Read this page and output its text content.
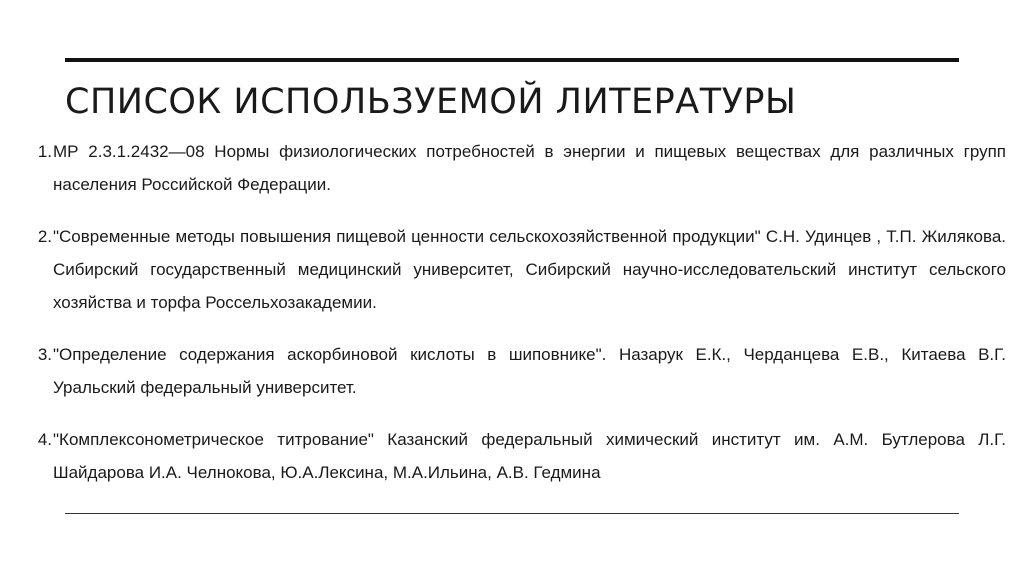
СПИСОК ИСПОЛЬЗУЕМОЙ ЛИТЕРАТУРЫ
1. МР 2.3.1.2432—08 Нормы физиологических потребностей в энергии и пищевых веществах для различных групп населения Российской Федерации.
2. "Современные методы повышения пищевой ценности сельскохозяйственной продукции" С.Н. Удинцев , Т.П. Жилякова. Сибирский государственный медицинский университет, Сибирский научно-исследовательский институт сельского хозяйства и торфа Россельхозакадемии.
3. "Определение содержания аскорбиновой кислоты в шиповнике". Назарук Е.К., Черданцева Е.В., Китаева В.Г. Уральский федеральный университет.
4. "Комплексонометрическое титрование" Казанский федеральный химический институт им. А.М. Бутлерова Л.Г. Шайдарова И.А. Челнокова, Ю.А.Лексина, М.А.Ильина, А.В. Гедмина
